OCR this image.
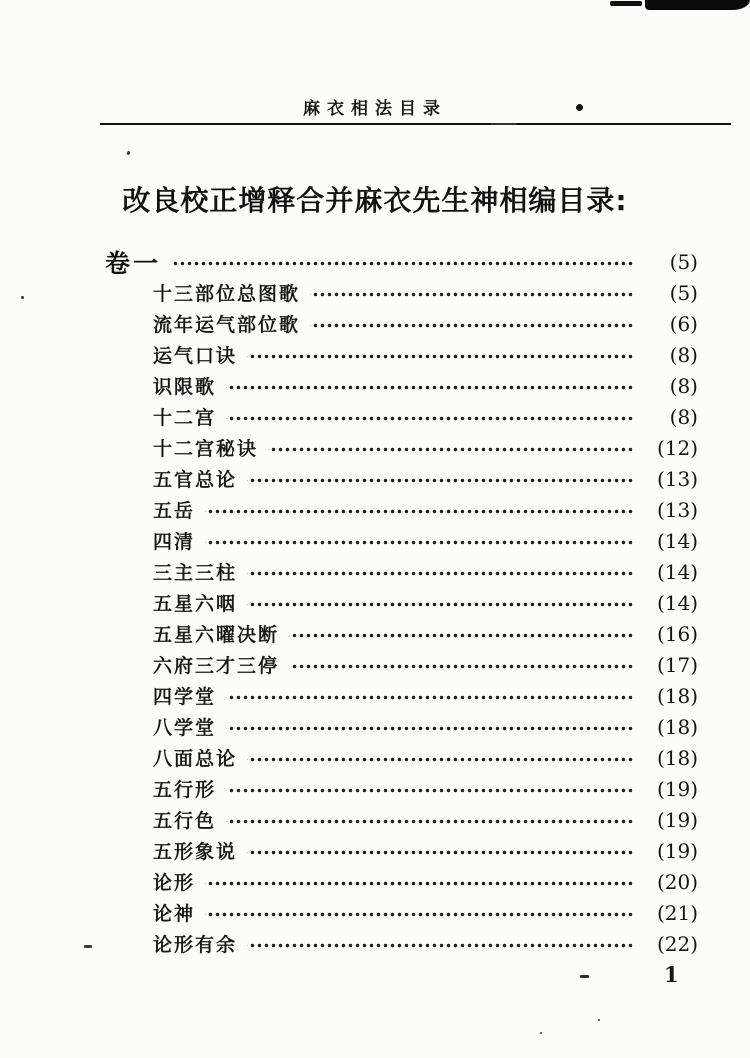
麻衣相法目录
改良校正增释合并麻衣先生神相编目录:
卷一	(5)
十三部位总图歌	(5)
流年运气部位歌	(6)
运气口诀	(8)
识限歌	(8)
十二宫	(8)
十二宫秘诀	(12)
五官总论	(13)
五岳	(13)
四清	(14)
三主三柱	(14)
五星六咽	(14)
五星六曜决断	(16)
六府三才三停	(17)
四学堂	(18)
八学堂	(18)
八面总论	(18)
五行形	(19)
五行色	(19)
五形象说	(19)
论形	(20)
论神	(21)
论形有余	(22)
1
